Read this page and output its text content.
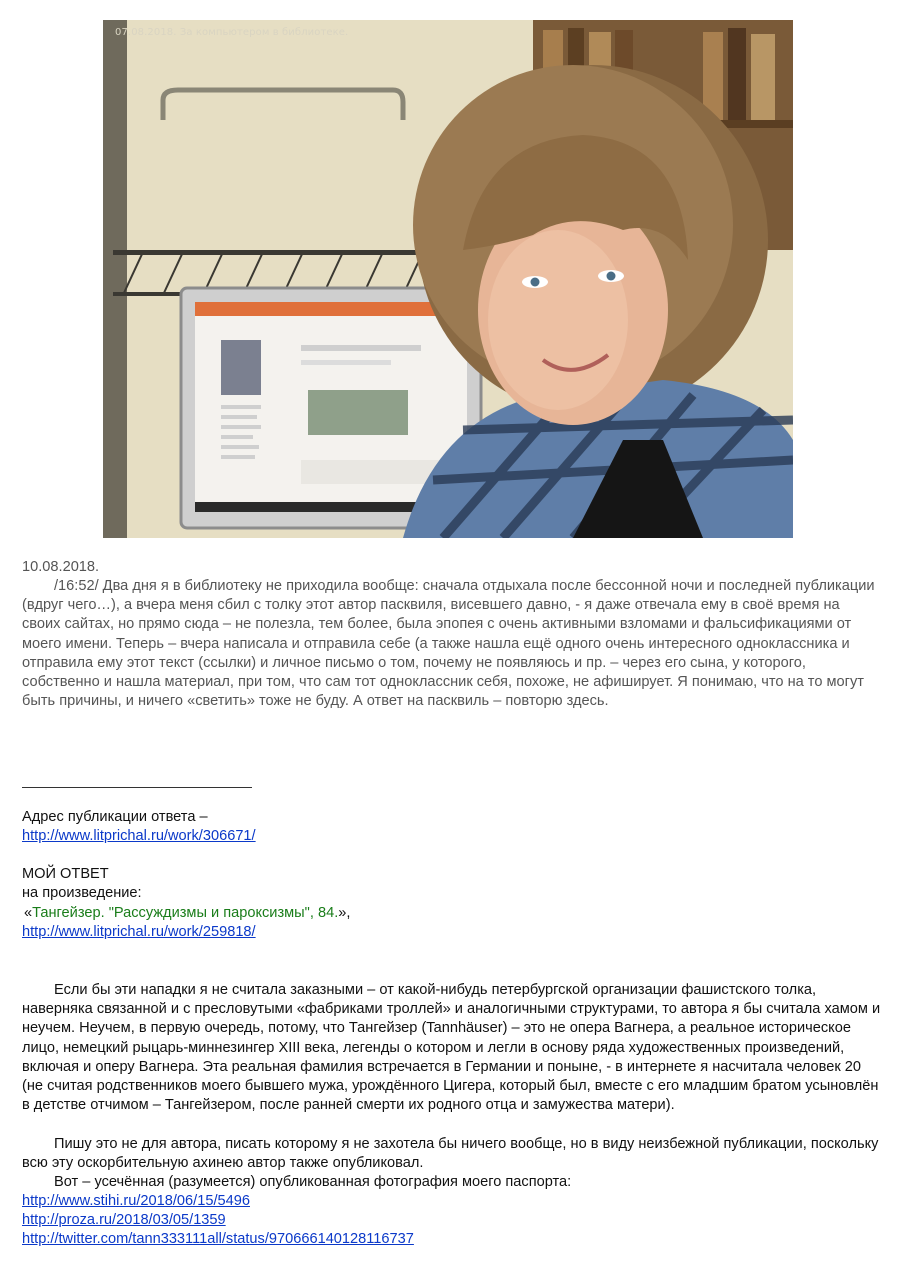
07.08.2018. За компьютером в библиотеке.
10.08.2018.

/16:52/ Два дня я в библиотеку не приходила вообще: сначала отдыхала после бессонной ночи и последней публикации (вдруг чего…), а вчера меня сбил с толку этот автор пасквиля, висевшего давно, - я даже отвечала ему в своё время на своих сайтах, но прямо сюда – не полезла, тем более, была эпопея с очень активными взломами и фальсификациями от моего имени. Теперь – вчера написала и отправила себе (а также нашла ещё одного очень интересного одноклассника и отправила ему этот текст (ссылки) и личное письмо о том, почему не появляюсь и пр. – через его сына, у которого, собственно и нашла материал, при том, что сам тот одноклассник себя, похоже, не афиширует. Я понимаю, что на то могут быть причины, и ничего «светить» тоже не буду. А ответ на пасквиль – повторю здесь.

Адрес публикации ответа –
http://www.litprichal.ru/work/306671/
МОЙ ОТВЕТ
на произведение:
«Тангейзер. "Рассуждизмы и пароксизмы", 84.»,
http://www.litprichal.ru/work/259818/

Если бы эти нападки я не считала заказными – от какой-нибудь петербургской организации фашистского толка, наверняка связанной и с пресловутыми «фабриками троллей» и аналогичными структурами, то автора я бы считала хамом и неучем. Неучем, в первую очередь, потому, что Тангейзер (Tannhäuser) – это не опера Вагнера, а реальное историческое лицо, немецкий рыцарь-миннезингер XIII века, легенды о котором и легли в основу ряда художественных произведений, включая и оперу Вагнера. Эта реальная фамилия встречается в Германии и поныне, - в интернете я насчитала человек 20 (не считая родственников моего бывшего мужа, урождённого Цигера, который был, вместе с его младшим братом усыновлён в детстве отчимом – Тангейзером, после ранней смерти их родного отца и замужества матери).

Пишу это не для автора, писать которому я не захотела бы ничего вообще, но в виду неизбежной публикации, поскольку всю эту оскорбительную ахинею автор также опубликовал.

Вот – усечённая (разумеется) опубликованная фотография моего паспорта:

http://www.stihi.ru/2018/06/15/5496
http://proza.ru/2018/03/05/1359
http://twitter.com/tann333111all/status/970666140128116737
